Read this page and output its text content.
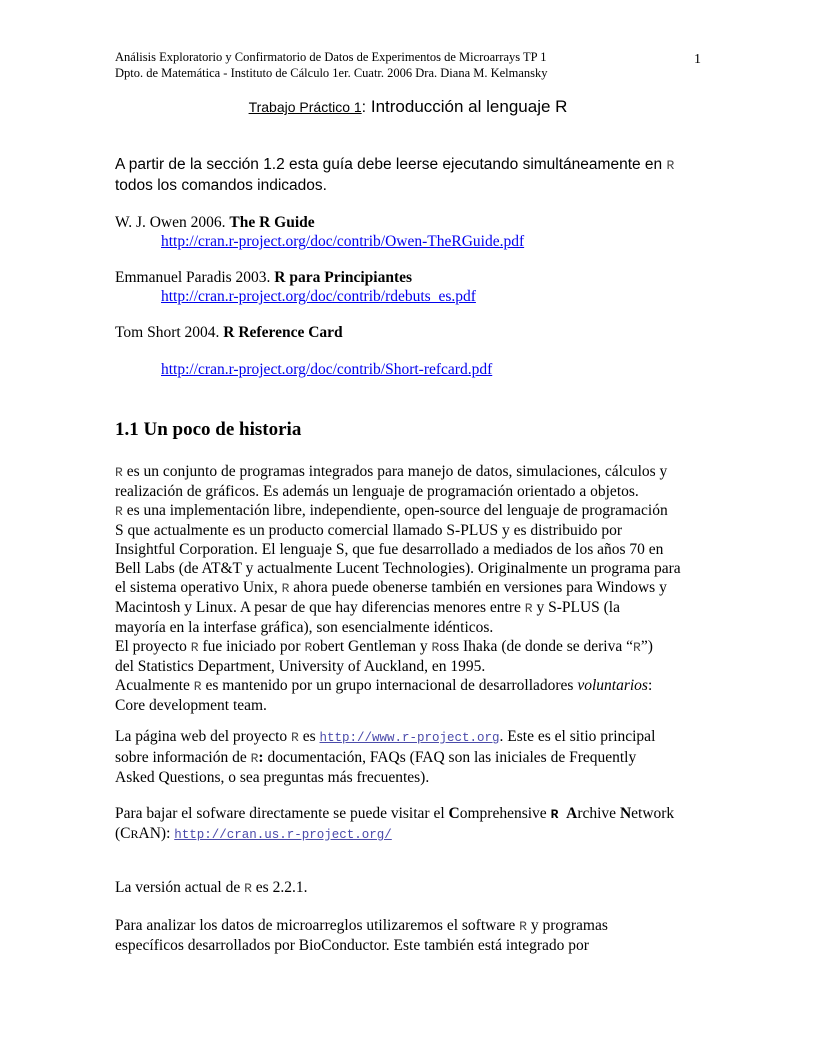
Análisis Exploratorio y Confirmatorio de Datos de Experimentos de Microarrays TP 1
Dpto. de Matemática - Instituto de Cálculo 1er. Cuatr. 2006 Dra. Diana M. Kelmansky
1
Trabajo Práctico 1: Introducción al lenguaje R
A partir de la sección 1.2 esta guía debe leerse ejecutando simultáneamente en R
todos los comandos indicados.
W. J. Owen 2006. The R Guide
http://cran.r-project.org/doc/contrib/Owen-TheRGuide.pdf
Emmanuel Paradis 2003. R para Principiantes
http://cran.r-project.org/doc/contrib/rdebuts_es.pdf
Tom Short 2004. R Reference Card
http://cran.r-project.org/doc/contrib/Short-refcard.pdf
1.1 Un poco de historia

R es un conjunto de programas integrados para manejo de datos, simulaciones, cálculos y

realización de gráficos. Es además un lenguaje de programación orientado a objetos.

R es una implementación libre, independiente, open-source del lenguaje de programación

S que actualmente es un producto comercial llamado S-PLUS y es distribuido por

Insightful Corporation. El lenguaje S, que fue desarrollado a mediados de los años 70 en

Bell Labs (de AT&T y actualmente Lucent Technologies). Originalmente un programa para

el sistema operativo Unix, R ahora puede obenerse también en versiones para Windows y

Macintosh y Linux. A pesar de que hay diferencias menores entre R y S-PLUS (la

mayoría en la interfase gráfica), son esencialmente idénticos.

El proyecto R fue iniciado por Robert Gentleman y Ross Ihaka (de donde se deriva “R”)

del Statistics Department, University of Auckland, en 1995.

Acualmente R es mantenido por un grupo internacional de desarrolladores voluntarios:

Core development team.

La página web del proyecto R es http://www.r-project.org. Este es el sitio principal

sobre información de R: documentación, FAQs (FAQ son las iniciales de Frequently

Asked Questions, o sea preguntas más frecuentes).

Para bajar el sofware directamente se puede visitar el Comprehensive R Archive Network

(CRAN): http://cran.us.r-project.org/

La versión actual de R es 2.2.1.

Para analizar los datos de microarreglos utilizaremos el software R y programas

específicos desarrollados por BioConductor. Este también está integrado por
